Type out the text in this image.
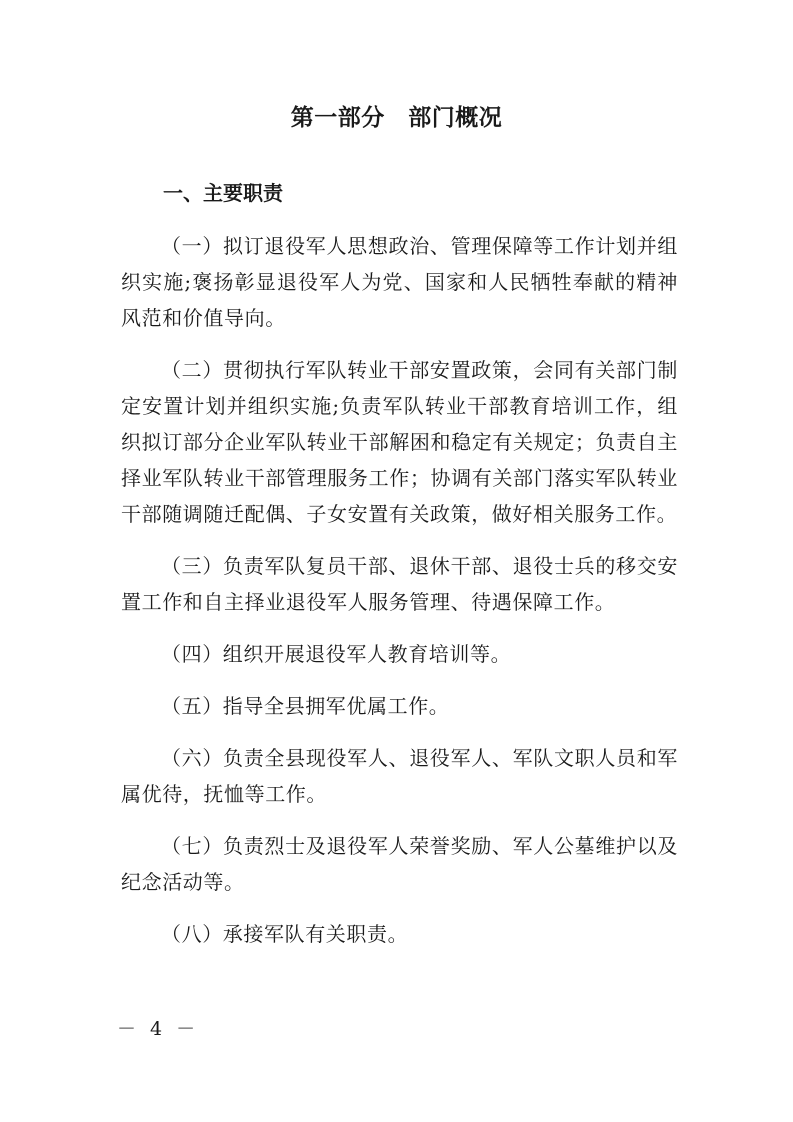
第一部分　部门概况
一、主要职责

（一）拟订退役军人思想政治、管理保障等工作计划并组织实施;褒扬彰显退役军人为党、国家和人民牺牲奉献的精神风范和价值导向。

（二）贯彻执行军队转业干部安置政策，会同有关部门制定安置计划并组织实施;负责军队转业干部教育培训工作，组织拟订部分企业军队转业干部解困和稳定有关规定；负责自主择业军队转业干部管理服务工作；协调有关部门落实军队转业干部随调随迁配偶、子女安置有关政策，做好相关服务工作。

（三）负责军队复员干部、退休干部、退役士兵的移交安置工作和自主择业退役军人服务管理、待遇保障工作。

（四）组织开展退役军人教育培训等。

（五）指导全县拥军优属工作。

（六）负责全县现役军人、退役军人、军队文职人员和军属优待，抚恤等工作。

（七）负责烈士及退役军人荣誉奖励、军人公墓维护以及纪念活动等。

（八）承接军队有关职责。

－ 4 －
